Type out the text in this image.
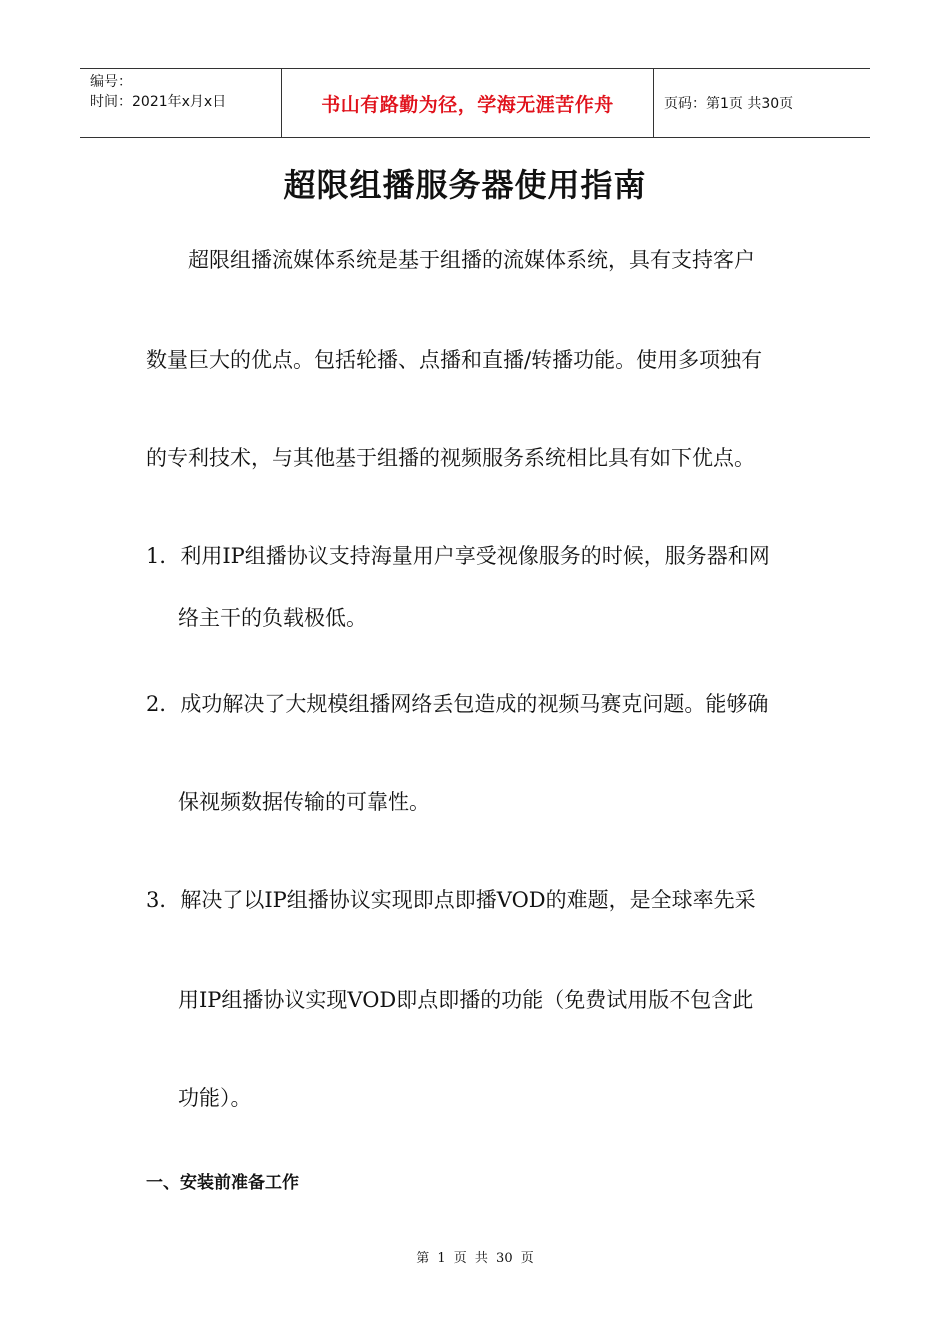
编号：
时间：2021年x月x日	书山有路勤为径，学海无涯苦作舟	页码：第1页 共30页
超限组播服务器使用指南
超限组播流媒体系统是基于组播的流媒体系统，具有支持客户
数量巨大的优点。包括轮播、点播和直播/转播功能。使用多项独有
的专利技术，与其他基于组播的视频服务系统相比具有如下优点。
1．利用IP组播协议支持海量用户享受视像服务的时候，服务器和网
络主干的负载极低。
2．成功解决了大规模组播网络丢包造成的视频马赛克问题。能够确
保视频数据传输的可靠性。
3．解决了以IP组播协议实现即点即播VOD的难题，是全球率先采
用IP组播协议实现VOD即点即播的功能（免费试用版不包含此
功能）。
一、安装前准备工作
第 1 页 共 30 页
